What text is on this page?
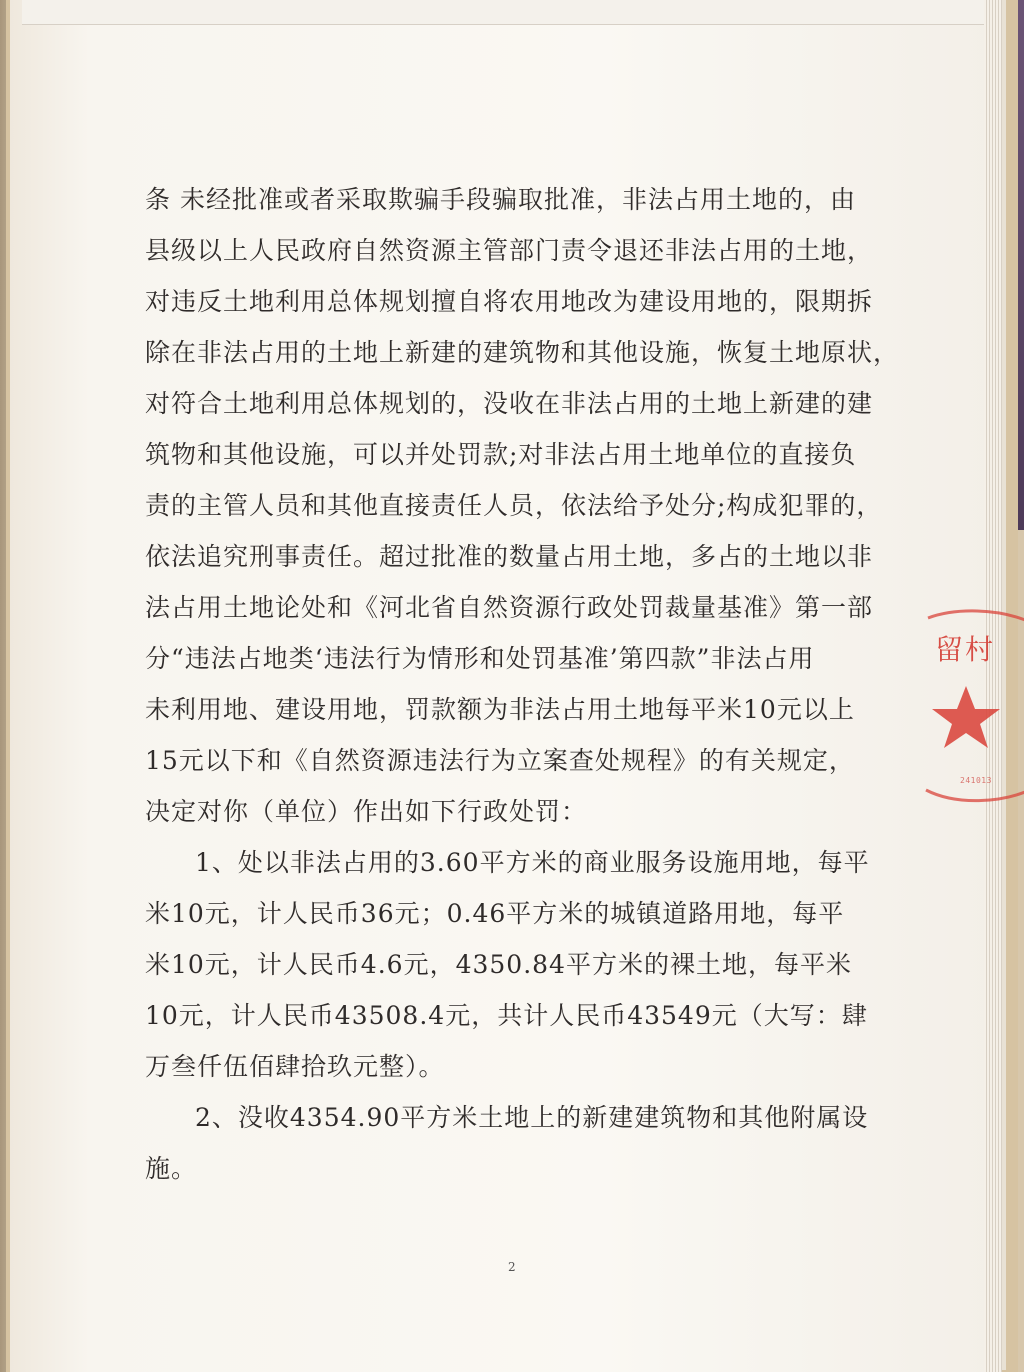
条 未经批准或者采取欺骗手段骗取批准，非法占用土地的，由
县级以上人民政府自然资源主管部门责令退还非法占用的土地，
对违反土地利用总体规划擅自将农用地改为建设用地的，限期拆
除在非法占用的土地上新建的建筑物和其他设施，恢复土地原状，
对符合土地利用总体规划的，没收在非法占用的土地上新建的建
筑物和其他设施，可以并处罚款;对非法占用土地单位的直接负
责的主管人员和其他直接责任人员，依法给予处分;构成犯罪的，
依法追究刑事责任。超过批准的数量占用土地，多占的土地以非
法占用土地论处和《河北省自然资源行政处罚裁量基准》第一部
分“违法占地类‘违法行为情形和处罚基准’第四款”非法占用
未利用地、建设用地，罚款额为非法占用土地每平米10元以上
15元以下和《自然资源违法行为立案查处规程》的有关规定，
决定对你（单位）作出如下行政处罚：
1、处以非法占用的3.60平方米的商业服务设施用地，每平
米10元，计人民币36元；0.46平方米的城镇道路用地，每平
米10元，计人民币4.6元，4350.84平方米的裸土地，每平米
10元，计人民币43508.4元，共计人民币43549元（大写：肆
万叁仟伍佰肆拾玖元整）。
2、没收4354.90平方米土地上的新建建筑物和其他附属设
施。
2
留村
241013
